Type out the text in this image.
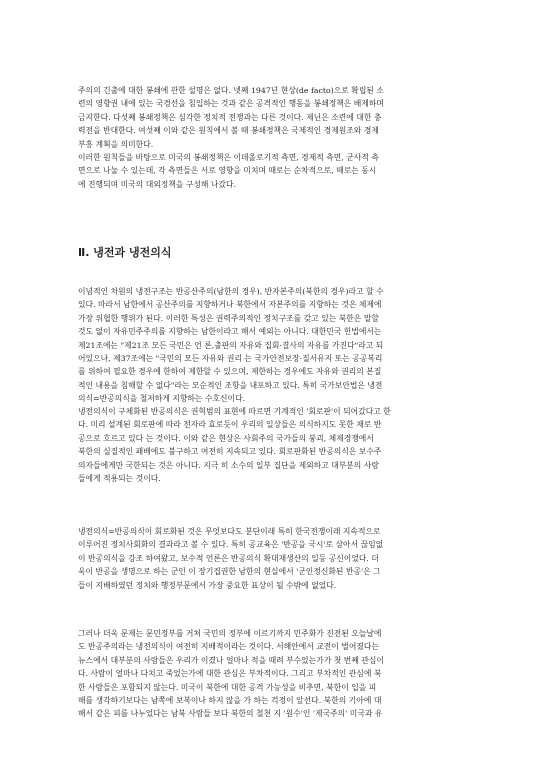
주의의 긴출에 대한 봉쇄에 관한 설명은 없다. 넷째 1947년 현상(de facto)으로 확립된 소
련의 영향권 내에 있는 국경선을 침입하는 것과 같은 공격적인 행동을 봉쇄정책은 배제하며
금지한다. 다섯째 봉쇄정책은 심각한 정치적 전쟁과는 다른 것이다. 제닌은 소련에 대한 충
력전을 반대한다. 여섯째 이와 같은 원칙에서 볼 때 봉쇄정책은 국제적인 경제원조와 경제
부흥 계획을 의미한다.
이러한 원칙들을 바탕으로 미국의 봉쇄정책은 이데올로기적 측면, 경제적 측면, 군사적 측
면으로 나눌 수 있는데, 각 측면들은 서로 영향을 미치며 때로는 순차적으로, 때로는 동시
에 진행되며 미국의 대외정책을 구성해 나갔다.
Ⅱ. 냉전과 냉전의식
이념적인 차원의 냉전구조는 반공산주의(남한의 경우), 반자본주의(북한의 경우)라고 할 수
있다. 따라서 남한에서 공산주의를 지향하거나 북한에서 자본주의를 지향하는 것은 체제에
가장 위협한 행위가 된다. 이러한 특성은 권력주의적인 정치구조를 갖고 있는 북한은 말할
것도 없이 자유민주주의를 지향하는 남한이라고 해서 예외는 아니다. 대한민국 헌법에서는
제21조에는 "제21조 모든 국민은 언 론,출판의 자유와 집회·결사의 자유를 가진다"라고 되
어있으나, 제37조에는 "국민의 모든 자유와 권리 는 국가안전보장·질서유지 또는 공공복리
를 위하여 필요한 경우에 한하여 제한할 수 있으며, 제한하는 경우에도 자유와 권리의 본질
적인 내용을 침해할 수 없다"라는 모순적인 조항을 내포하고 있다. 특히 국가보안법은 냉전
의식=반공의식을 철저하게 지향하는 수호신이다.
냉전의식이 구체화된 반공의식은 권혁범의 표현에 따르면 기계적인 '회로판'이 되어갔다고 한
다. 미리 설계된 회로판에 따라 전자라 효로듯이 우리의 일상들은 의식하지도 못한 채로 반
공으로 흐르고 있다 는 것이다. 이와 같은 현상은 사회주의 국가들의 붕괴, 체제경쟁에서
북한의 실질적인 패배에도 불구하고 여전히 지속되고 있다. 회로판화된 반공의식은 보수주
의자들에게만 국한되는 것은 아니다. 지극 히 소수의 일부 집단을 제외하고 대부분의 사람
들에게 적용되는 것이다.
냉전의식=반공의식이 회로화된 것은 무엇보다도 분단이래 특히 한국전쟁이래 지속적으로
이루어진 정치사회화의 결과라고 볼 수 있다. 특히 공교육은 '반공을 국시'로 삼아서 끊임없
이 반공의식을 강조 하여왔고, 보수적 언론은 반공의식 확대재생산의 일등 공신이었다. 더
욱이 반공을 생명으로 하는 군인 이 장기집권한 남한의 현실에서 '군인정신화된 반공'은 그
들이 지배하였던 정치와 행정부문에서 가장 중요한 표상이 될 수밖에 없었다.
그러나 더욱 문제는 문민정부를 거쳐 국민의 정부에 이르기까지 민주화가 진전된 오늘날에
도 반공주의라는 냉전의식이 여전히 지배적이라는 것이다. 서해안에서 교전이 벌어졌다는
뉴스에서 대부분의 사람들은 우리가 이겼나 얼마나 적을 때려 부수었는가가 첫 번째 관심이
다. 사람이 얼마나 다치고 죽었는가에 대한 관심은 부차적이다. 그리고 부차적인 관심에 북
한 사람들은 포함되지 않는다. 미국이 북한에 대한 공격 가능성을 비추면, 북한이 입을 피
해를 생각하기보다는 남쪽에 보복이나 하지 않을 가 하는 걱정이 앞선다. 북한의 기아에 대
해서 같은 피를 나누었다는 남북 사람들 보다 북한의 철천 지 '원수'인 '제국주의' 미국과 유
